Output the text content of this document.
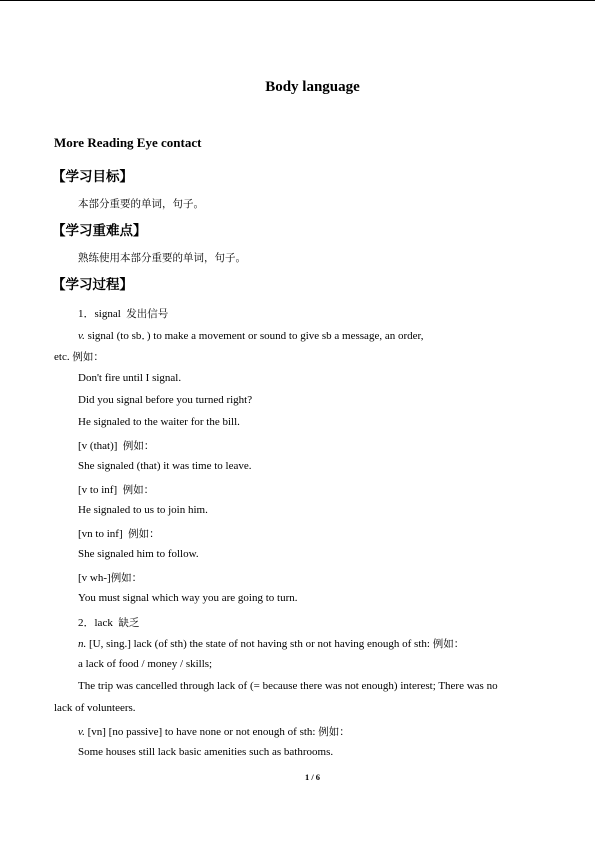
Body language
More Reading Eye contact
【学习目标】
本部分重要的单词，句子。
【学习重难点】
熟练使用本部分重要的单词，句子。
【学习过程】
1．signal 发出信号
v. signal (to sb．) to make a movement or sound to give sb a message, an order,
etc. 例如：
Don't fire until I signal.
Did you signal before you turned right?
He signaled to the waiter for the bill.
[v (that)] 例如：
She signaled (that) it was time to leave.
[v to inf] 例如：
He signaled to us to join him.
[vn to inf] 例如：
She signaled him to follow.
[v wh-]例如：
You must signal which way you are going to turn.
2．lack 缺乏
n. [U, sing.] lack (of sth) the state of not having sth or not having enough of sth: 例如：
a lack of food / money / skills;
The trip was cancelled through lack of (= because there was not enough) interest; There was no
lack of volunteers.
v. [vn] [no passive] to have none or not enough of sth: 例如：
Some houses still lack basic amenities such as bathrooms.
1 / 6
